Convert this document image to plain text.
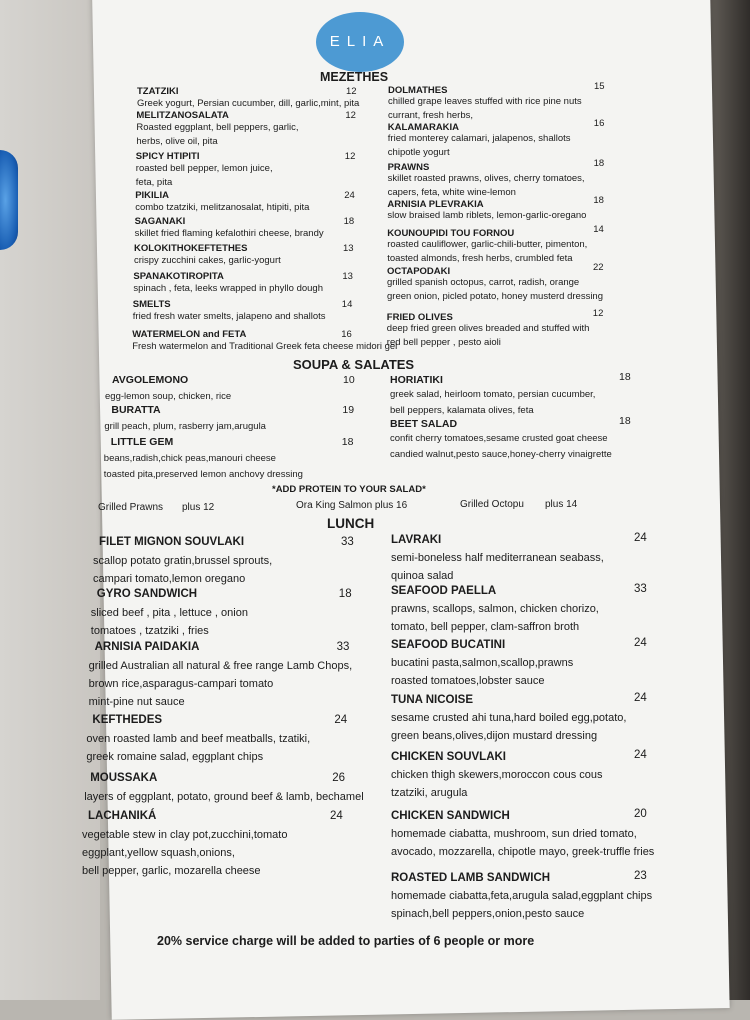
ELIA
MEZETHES
SOUPA & SALATES
*ADD PROTEIN TO YOUR SALAD*
LUNCH
TZATZIKI	12
Greek yogurt, Persian cucumber, dill, garlic,mint, pita
MELITZANOSALATA	12
Roasted eggplant, bell peppers, garlic,
herbs, olive oil, pita
SPICY HTIPITI	12
roasted bell pepper, lemon juice,
feta, pita
PIKILIA	24
combo tzatziki, melitzanosalat, htipiti, pita
SAGANAKI	18
skillet fried flaming kefalothiri cheese, brandy
KOLOKITHOKEFTETHES	13
crispy zucchini cakes, garlic-yogurt
SPANAKOTIROPITA	13
spinach , feta, leeks wrapped in phyllo dough
SMELTS	14
fried fresh water smelts, jalapeno and shallots
WATERMELON and FETA	16
Fresh watermelon and Traditional Greek feta cheese midori gel
DOLMATHES	15
chilled grape leaves stuffed with rice pine nuts
currant, fresh herbs,
KALAMARAKIA	16
fried monterey calamari, jalapenos, shallots
chipotle yogurt
PRAWNS	18
skillet roasted prawns, olives, cherry tomatoes,
capers, feta, white wine-lemon
ARNISIA PLEVRAKIA	18
slow braised lamb riblets, lemon-garlic-oregano
KOUNOUPIDI TOU FORNOU	14
roasted cauliflower, garlic-chili-butter, pimenton,
toasted almonds, fresh herbs, crumbled feta
OCTAPODAKI	22
grilled spanish octopus, carrot, radish, orange
green onion, picled potato, honey musterd dressing
FRIED OLIVES	12
deep fried green olives breaded and stuffed with
red bell pepper , pesto aioli
AVGOLEMONO	10
egg-lemon soup, chicken, rice
BURATTA	19
grill peach, plum, rasberry jam,arugula
LITTLE GEM	18
beans,radish,chick peas,manouri cheese
toasted pita,preserved lemon anchovy dressing
HORIATIKI	18
greek salad, heirloom tomato, persian cucumber,
bell peppers, kalamata olives, feta
BEET SALAD	18
confit cherry tomatoes,sesame crusted goat cheese
candied walnut,pesto sauce,honey-cherry vinaigrette
Grilled Prawns plus 12	Ora King Salmon plus 16	Grilled Octopu plus 14
FILET MIGNON SOUVLAKI	33
scallop potato gratin,brussel sprouts,
campari tomato,lemon oregano
GYRO SANDWICH	18
sliced beef , pita , lettuce , onion
tomatoes , tzatziki , fries
ARNISIA PAIDAKIA	33
grilled Australian all natural & free range Lamb Chops,
brown rice,asparagus-campari tomato
mint-pine nut sauce
KEFTHEDES	24
oven roasted lamb and beef meatballs, tzatiki,
greek romaine salad, eggplant chips
MOUSSAKA	26
layers of eggplant, potato, ground beef & lamb, bechamel
LACHANIKÁ	24
vegetable stew in clay pot,zucchini,tomato
eggplant,yellow squash,onions,
bell pepper, garlic, mozarella cheese
LAVRAKI	24
semi-boneless half mediterranean seabass,
quinoa salad
SEAFOOD PAELLA	33
prawns, scallops, salmon, chicken chorizo,
tomato, bell pepper, clam-saffron broth
SEAFOOD BUCATINI	24
bucatini pasta,salmon,scallop,prawns
roasted tomatoes,lobster sauce
TUNA NICOISE	24
sesame crusted ahi tuna,hard boiled egg,potato,
green beans,olives,dijon mustard dressing
CHICKEN SOUVLAKI	24
chicken thigh skewers,moroccon cous cous
tzatziki, arugula
CHICKEN SANDWICH	20
homemade ciabatta, mushroom, sun dried tomato,
avocado, mozzarella, chipotle mayo, greek-truffle fries
ROASTED LAMB SANDWICH	23
homemade ciabatta,feta,arugula salad,eggplant chips
spinach,bell peppers,onion,pesto sauce
20% service charge will be added to parties of 6 people or more
